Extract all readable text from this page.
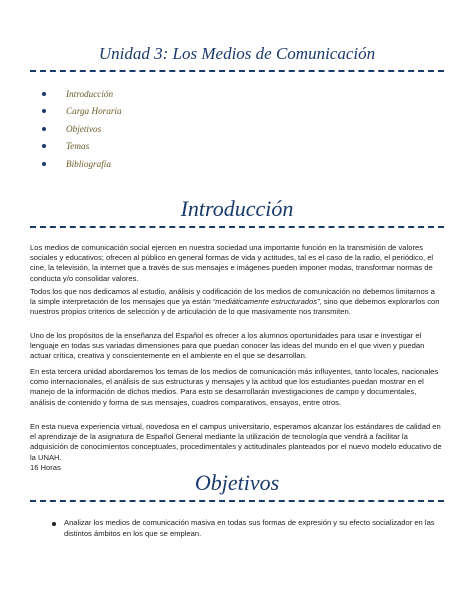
Unidad 3: Los Medios de Comunicación
Introducción
Carga Horaria
Objetivos
Temas
Bibliografía
Introducción

Los medios de comunicación social ejercen en nuestra sociedad una importante función en la transmisión de valores sociales y educativos; ofrecen al público en general formas de vida y actitudes, tal es el caso de la radio, el periódico, el cine, la televisión, la internet que a través de sus mensajes e imágenes pueden imponer modas, transformar normas de conducta y/o consolidar valores.

Todos los que nos dedicamos al estudio, análisis y codificación de los medios de comunicación no debemos limitarnos a la simple interpretación de los mensajes que ya están “mediáticamente estructurados”, sino que debemos explorarlos con nuestros propios criterios de selección y de articulación de lo que masivamente nos transmiten.

Uno de los propósitos de la enseñanza del Español es ofrecer a los alumnos oportunidades para usar e investigar el lenguaje en todas sus variadas dimensiones para que puedan conocer las ideas del mundo en el que viven y puedan actuar crítica, creativa y conscientemente en el ambiente en el que se desarrollan.

En esta tercera unidad abordaremos los temas de los medios de comunicación más influyentes, tanto locales, nacionales como internacionales, el análisis de sus estructuras y mensajes y la actitud que los estudiantes puedan mostrar en el manejo de la información de dichos medios. Para esto se desarrollarán investigaciones de campo y documentales, análisis de contenido y forma de sus mensajes, cuadros comparativos, ensayos, entre otros.

En esta nueva experiencia virtual, novedosa en el campus universitario, esperamos alcanzar los estándares de calidad en el aprendizaje de la asignatura de Español General mediante la utilización de tecnología que vendrá a facilitar la adquisición de conocimientos conceptuales, procedimentales y actitudinales planteados por el nuevo modelo educativo de la UNAH.

16 Horas

Objetivos
Analizar los medios de comunicación masiva en todas sus formas de expresión y su efecto socializador en las distintos ámbitos en los que se emplean.
